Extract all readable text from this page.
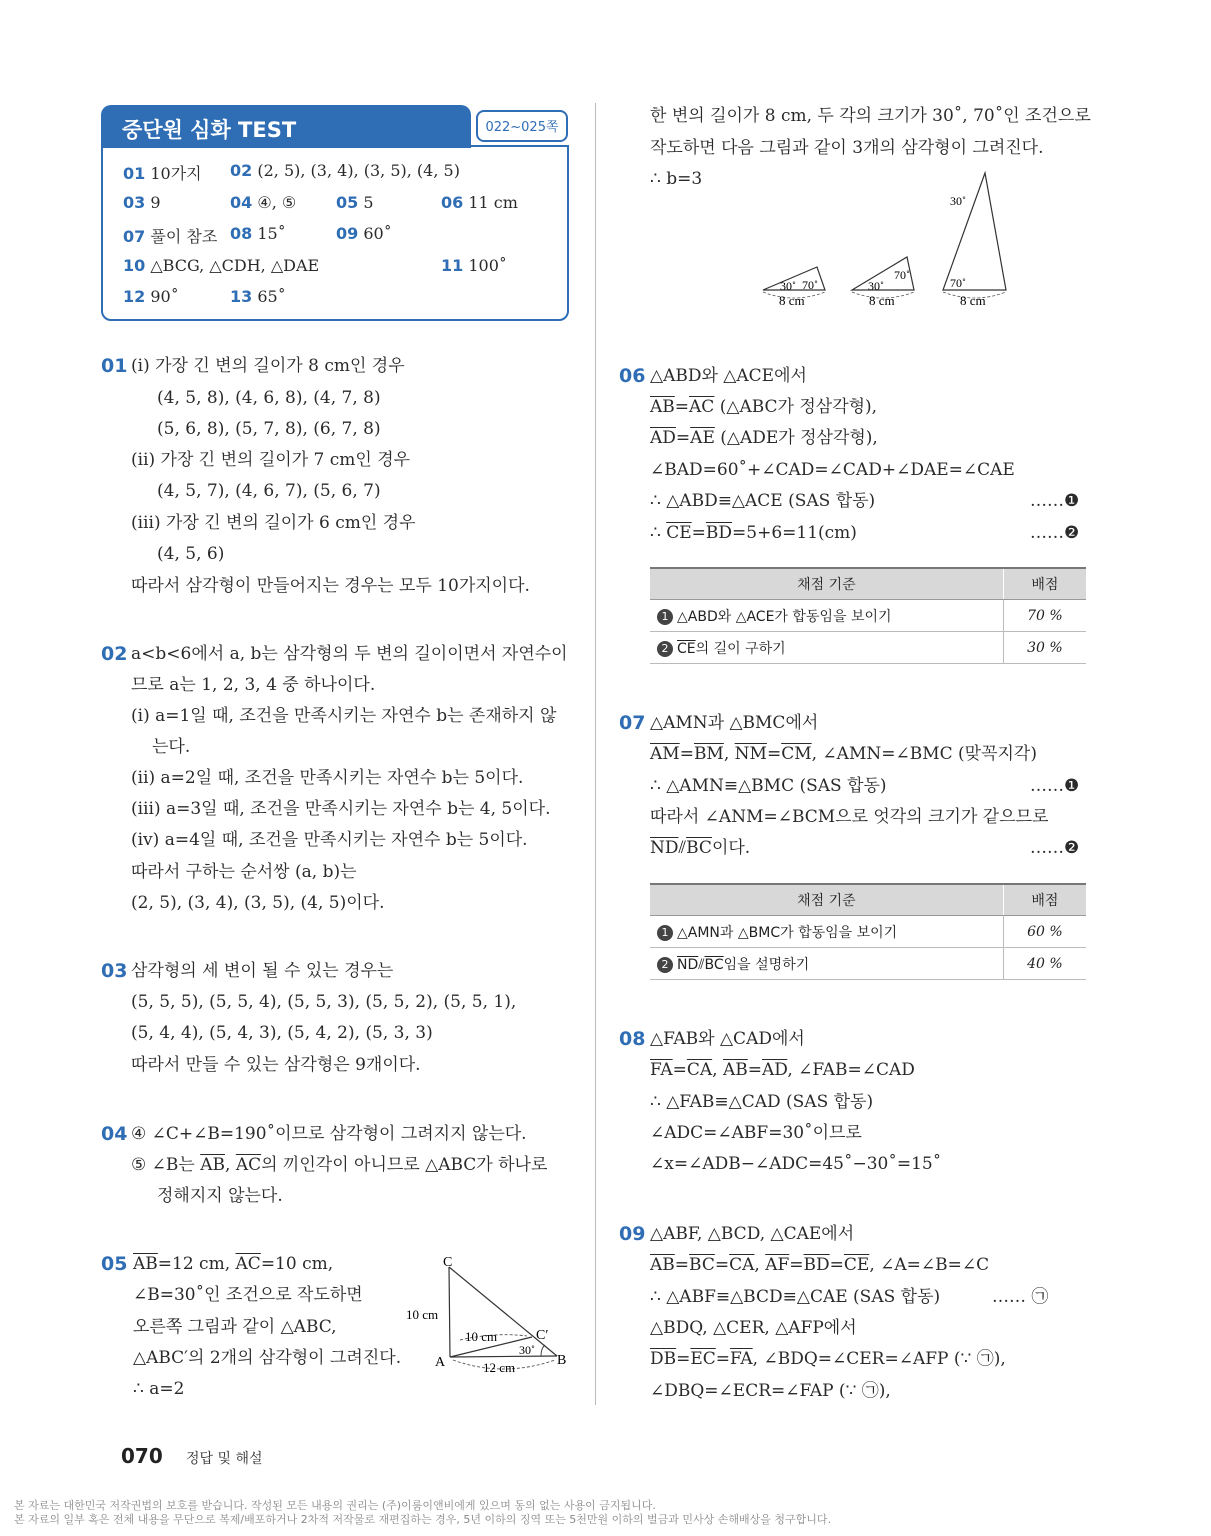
중단원 심화 TEST	⚲	022~025쪽
01 10가지 02 (2, 5), (3, 4), (3, 5), (4, 5)
03 9	04 ④, ⑤ 05 5	06 11 cm
07 풀이 참조 08 15˚	09 60˚
10 △BCG, △CDH, △DAE	11 100˚
12 90˚	13 65˚
01 (ⅰ) 가장 긴 변의 길이가 8 cm인 경우
(4, 5, 8), (4, 6, 8), (4, 7, 8)
(5, 6, 8), (5, 7, 8), (6, 7, 8)
(ⅱ) 가장 긴 변의 길이가 7 cm인 경우
(4, 5, 7), (4, 6, 7), (5, 6, 7)
(ⅲ) 가장 긴 변의 길이가 6 cm인 경우
(4, 5, 6)
따라서 삼각형이 만들어지는 경우는 모두 10가지이다.
02 a<b<6에서 a, b는 삼각형의 두 변의 길이이면서 자연수이
므로 a는 1, 2, 3, 4 중 하나이다.
(ⅰ) a=1일 때, 조건을 만족시키는 자연수 b는 존재하지 않
는다.
(ⅱ) a=2일 때, 조건을 만족시키는 자연수 b는 5이다.
(ⅲ) a=3일 때, 조건을 만족시키는 자연수 b는 4, 5이다.
(ⅳ) a=4일 때, 조건을 만족시키는 자연수 b는 5이다.
따라서 구하는 순서쌍 (a, b)는
(2, 5), (3, 4), (3, 5), (4, 5)이다.
03 삼각형의 세 변이 될 수 있는 경우는
(5, 5, 5), (5, 5, 4), (5, 5, 3), (5, 5, 2), (5, 5, 1),
(5, 4, 4), (5, 4, 3), (5, 4, 2), (5, 3, 3)
따라서 만들 수 있는 삼각형은 9개이다.
04 ④ ∠C+∠B=190˚이므로 삼각형이 그려지지 않는다.
⑤ ∠B는 $\overline{AB}$, $\overline{AC}$의 끼인각이 아니므로 △ABC가 하나로
정해지지 않는다.
05 $\overline{AB}=12$ cm, $\overline{AC}=10$ cm,
∠B=30˚인 조건으로 작도하면
오른쪽 그림과 같이 △ABC,
△ABC′의 2개의 삼각형이 그려진다.
∴ a=2
C
A	B
C′
10 cm
10 cm
12 cm
30˚
한 변의 길이가 8 cm, 두 각의 크기가 30˚, 70˚인 조건으로
작도하면 다음 그림과 같이 3개의 삼각형이 그려진다.
∴ b=3
30˚ 70˚
8 cm
30˚
70˚
8 cm
30˚
70˚
8 cm
06 △ABD와 △ACE에서
$\overline{AB}=\overline{AC}$ (△ABC가 정삼각형),
$\overline{AD}=\overline{AE}$ (△ADE가 정삼각형),
∠BAD=60˚+∠CAD=∠CAD+∠DAE=∠CAE
∴ △ABD≡△ACE (SAS 합동)	……❶
∴ $\overline{CE}=\overline{BD}=5+6=11(cm)$	……❷
채점 기준	배점
1 △ABD와 △ACE가 합동임을 보이기	70 %
2 $\overline{CE}$의 길이 구하기	30 %
07 △AMN과 △BMC에서
$\overline{AM}=\overline{BM}$, $\overline{NM}=\overline{CM}$, ∠AMN=∠BMC (맞꼭지각)
∴ △AMN≡△BMC (SAS 합동)	……❶
따라서 ∠ANM=∠BCM으로 엇각의 크기가 같으므로
$\overline{ND}⫽\overline{BC}$이다.	……❷
채점 기준	배점
1 △AMN과 △BMC가 합동임을 보이기	60 %
2 $\overline{ND}⫽\overline{BC}$임을 설명하기	40 %
08 △FAB와 △CAD에서
$\overline{FA}=\overline{CA}$, $\overline{AB}=\overline{AD}$, ∠FAB=∠CAD
∴ △FAB≡△CAD (SAS 합동)
∠ADC=∠ABF=30˚이므로
∠x=∠ADB−∠ADC=45˚−30˚=15˚
09 △ABF, △BCD, △CAE에서
$\overline{AB}=\overline{BC}=\overline{CA}$, $\overline{AF}=\overline{BD}=\overline{CE}$, ∠A=∠B=∠C
∴ △ABF≡△BCD≡△CAE (SAS 합동)	…… ㉠
△BDQ, △CER, △AFP에서
$\overline{DB}=\overline{EC}=\overline{FA}$, ∠BDQ=∠CER=∠AFP (∵ ㉠),
∠DBQ=∠ECR=∠FAP (∵ ㉠),
070 정답 및 해설
본 자료는 대한민국 저작권법의 보호를 받습니다. 작성된 모든 내용의 권리는 (주)이룸이앤비에게 있으며 동의 없는 사용이 금지됩니다.
본 자료의 일부 혹은 전체 내용을 무단으로 복제/배포하거나 2차적 저작물로 재편집하는 경우, 5년 이하의 징역 또는 5천만원 이하의 벌금과 민사상 손해배상을 청구합니다.
